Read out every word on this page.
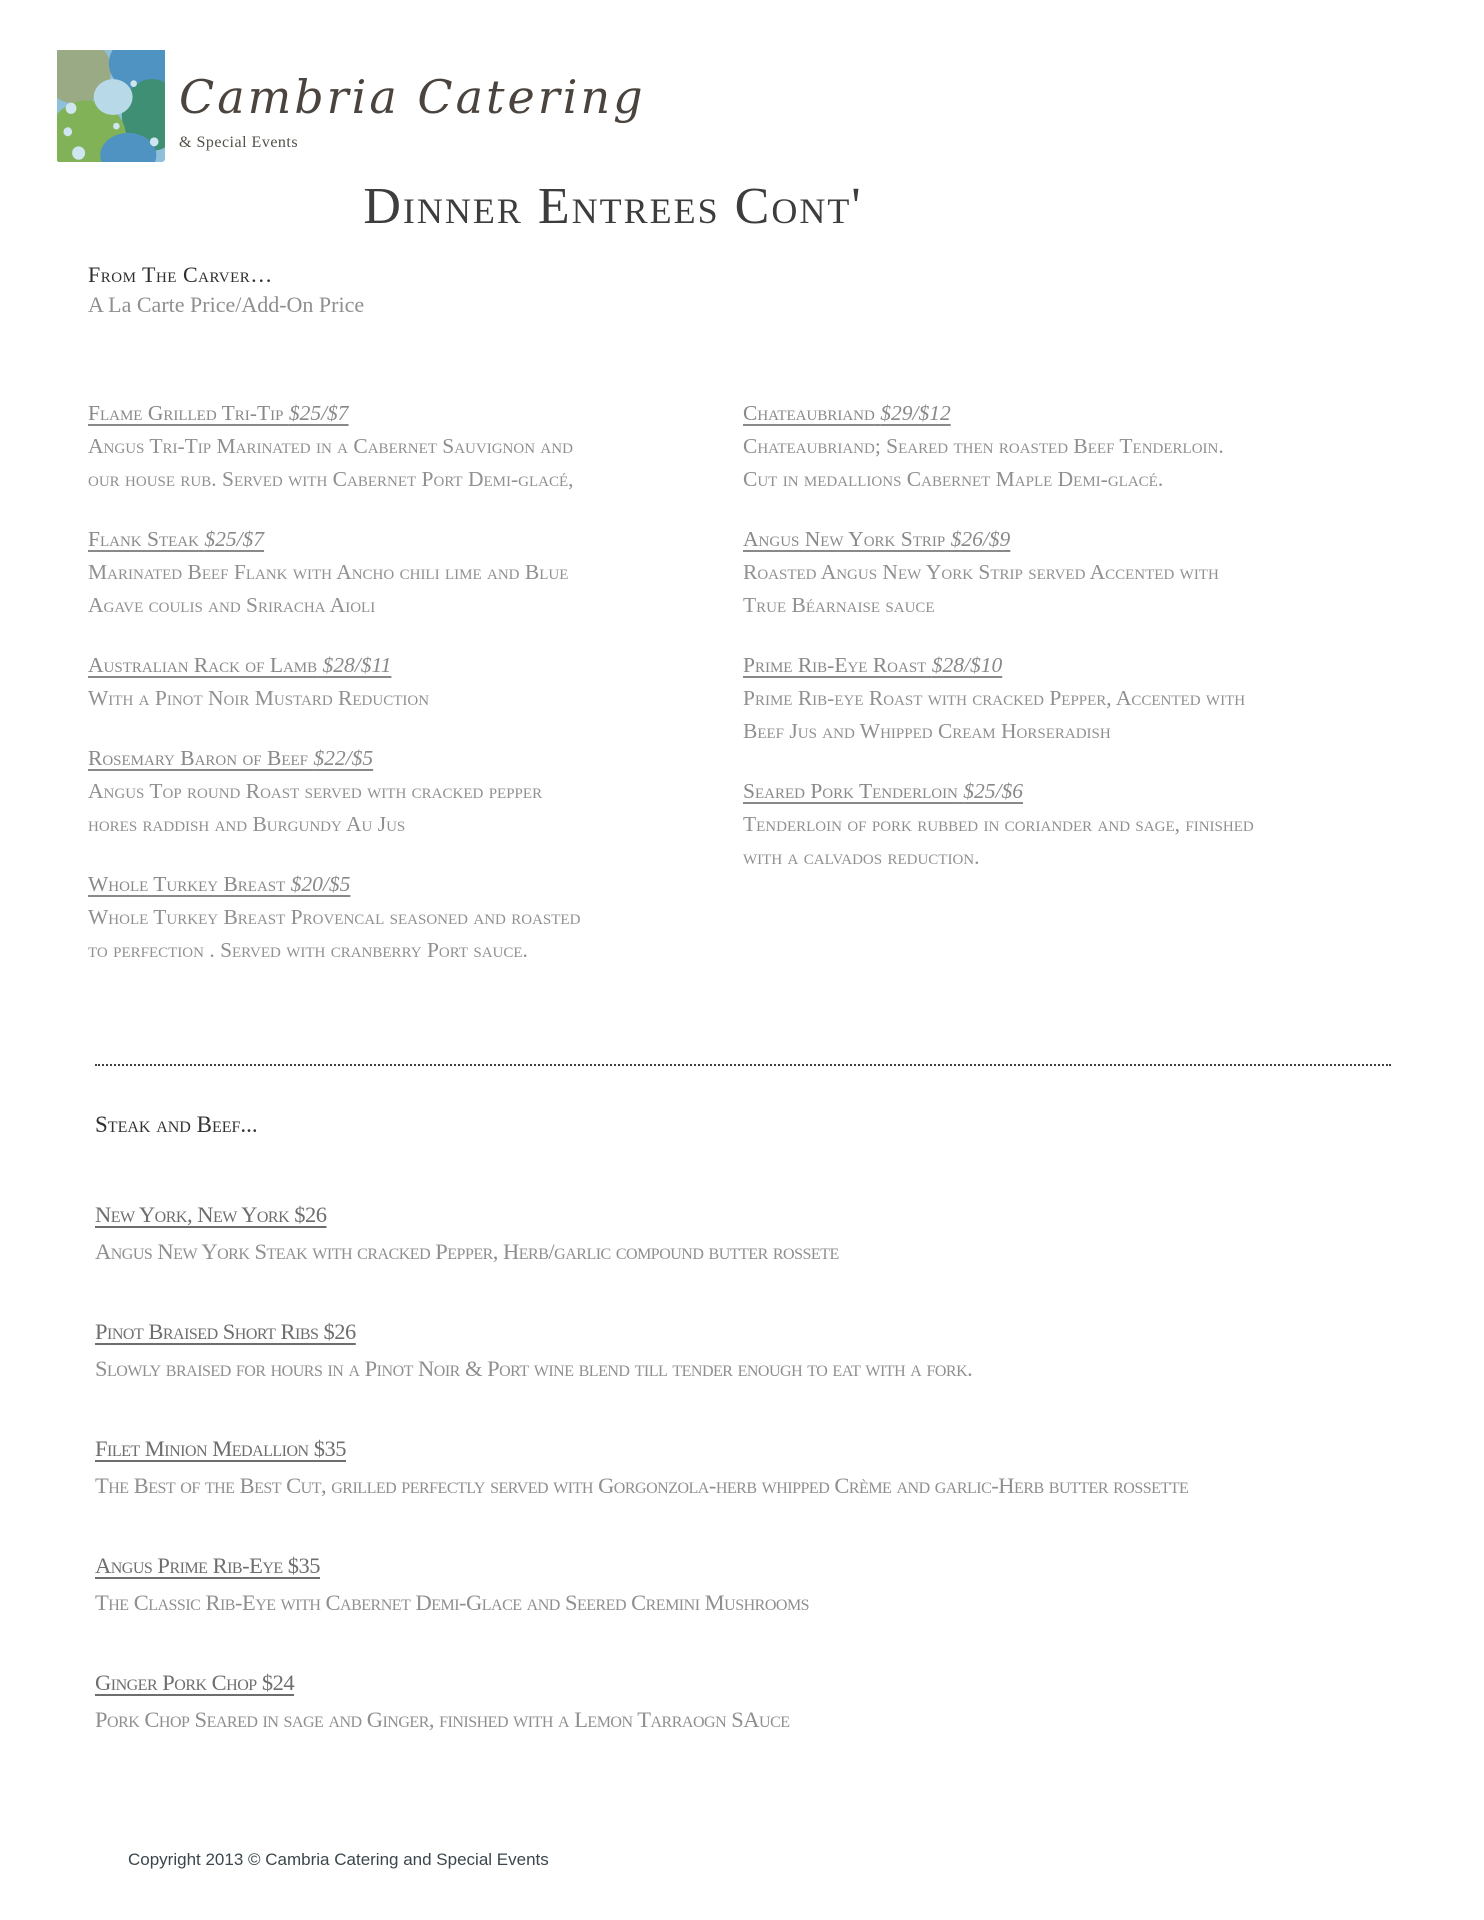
Cambria Catering
& Special Events
Dinner Entrees Cont'
From The Carver…
A La Carte Price/Add-On Price
Flame Grilled Tri-Tip $25/$7
Angus Tri-Tip Marinated in a Cabernet Sauvignon and our house rub. Served with Cabernet Port Demi-glacé,
Flank Steak $25/$7
Marinated Beef Flank with Ancho chili lime and Blue Agave coulis and Sriracha Aioli
Australian Rack of Lamb $28/$11
With a Pinot Noir Mustard Reduction
Rosemary Baron of Beef $22/$5
Angus Top round Roast served with cracked pepper hores raddish and Burgundy Au Jus
Whole Turkey Breast $20/$5
Whole Turkey Breast Provencal seasoned and roasted to perfection . Served with cranberry Port sauce.
Chateaubriand $29/$12
Chateaubriand; Seared then roasted Beef Tenderloin. Cut in medallions Cabernet Maple Demi-glacé.
Angus New York Strip $26/$9
Roasted Angus New York Strip served Accented with True Béarnaise sauce
Prime Rib-Eye Roast $28/$10
Prime Rib-eye Roast with cracked Pepper, Accented with Beef Jus and Whipped Cream Horseradish
Seared Pork Tenderloin $25/$6
Tenderloin of pork rubbed in coriander and sage, finished with a calvados reduction.
Steak and Beef...
New York, New York $26
Angus New York Steak with cracked Pepper, Herb/garlic compound butter rossete
Pinot Braised Short Ribs $26
Slowly braised for hours in a Pinot Noir & Port wine blend till tender enough to eat with a fork.
Filet Minion Medallion $35
The Best of the Best Cut, grilled perfectly served with Gorgonzola-herb whipped Crème and garlic-Herb butter rossette
Angus Prime Rib-Eye $35
The Classic Rib-Eye with Cabernet Demi-Glace and Seered Cremini Mushrooms
Ginger Pork Chop $24
Pork Chop Seared in sage and Ginger, finished with a Lemon Tarraogn SAuce
Copyright 2013 © Cambria Catering and Special Events
